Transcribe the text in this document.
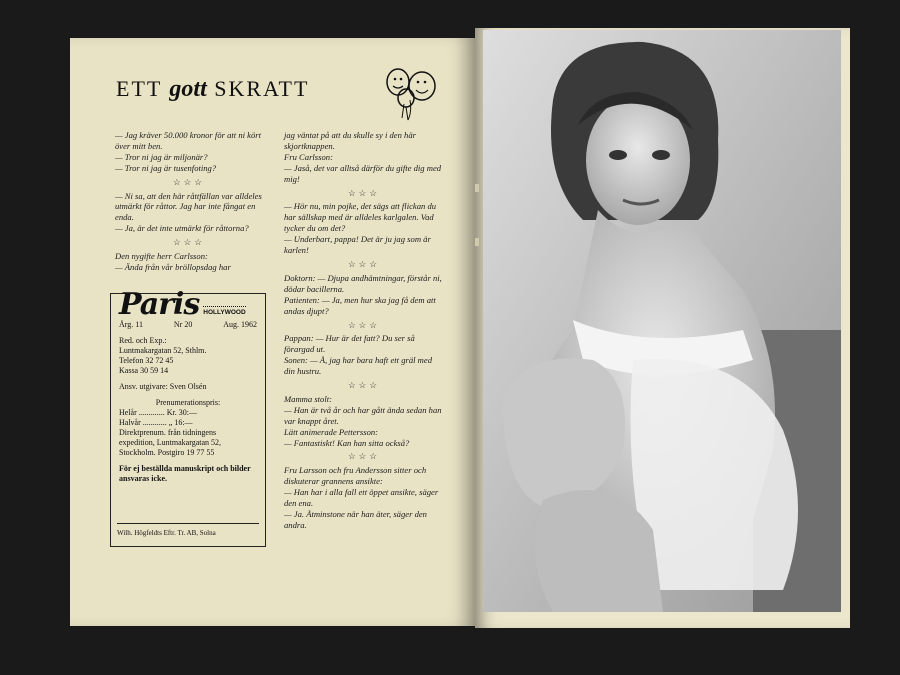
ETT gott SKRATT

— Jag kräver 50.000 kronor för att ni kört över mitt ben.

— Tror ni jag är miljonär?

— Tror ni jag är tusenfoting?

☆☆☆

— Ni sa, att den här råttfällan var alldeles utmärkt för råttor. Jag har inte fångat en enda.

— Ja, är det inte utmärkt för råttorna?

☆☆☆

Den nygifte herr Carlsson:

— Ända från vår bröllopsdag har

jag väntat på att du skulle sy i den här skjortknappen.

Fru Carlsson:

— Jaså, det var alltså därför du gifte dig med mig!

☆☆☆

— Hör nu, min pojke, det sägs att flickan du har sällskap med är alldeles karlgalen. Vad tycker du om det?

— Underbart, pappa! Det är ju jag som är karlen!

☆☆☆

Doktorn: — Djupa andhämtningar, förstår ni, dödar bacillerna.

Patienten: — Ja, men hur ska jag få dem att andas djupt?

☆☆☆

Pappan: — Hur är det fatt? Du ser så förargad ut.

Sonen: — Å, jag har bara haft ett gräl med din hustru.

☆☆☆

Mamma stolt:

— Han är två år och har gått ända sedan han var knappt året.

Lätt animerade Pettersson:

— Fantastiskt! Kan han sitta också?

☆☆☆

Fru Larsson och fru Andersson sitter och diskuterar grannens ansikte:

— Han har i alla fall ett öppet ansikte, säger den ena.

— Ja. Åtminstone när han äter, säger den andra.

Paris HOLLYWOOD
Årg. 11	Nr 20	Aug. 1962
Red. och Exp.:
Luntmakargatan 52, Sthlm.
Telefon 32 72 45
Kassa 30 59 14
Ansv. utgivare: Sven Olsén
Prenumerationspris:
Helår ............. Kr. 30:—
Halvår ............ „ 16:—
Direktprenum. från tidningens
expedition, Luntmakargatan 52,
Stockholm. Postgiro 19 77 55
För ej beställda manuskript och bilder ansvaras icke.
Wilh. Högfeldts Eftr. Tr. AB, Solna
